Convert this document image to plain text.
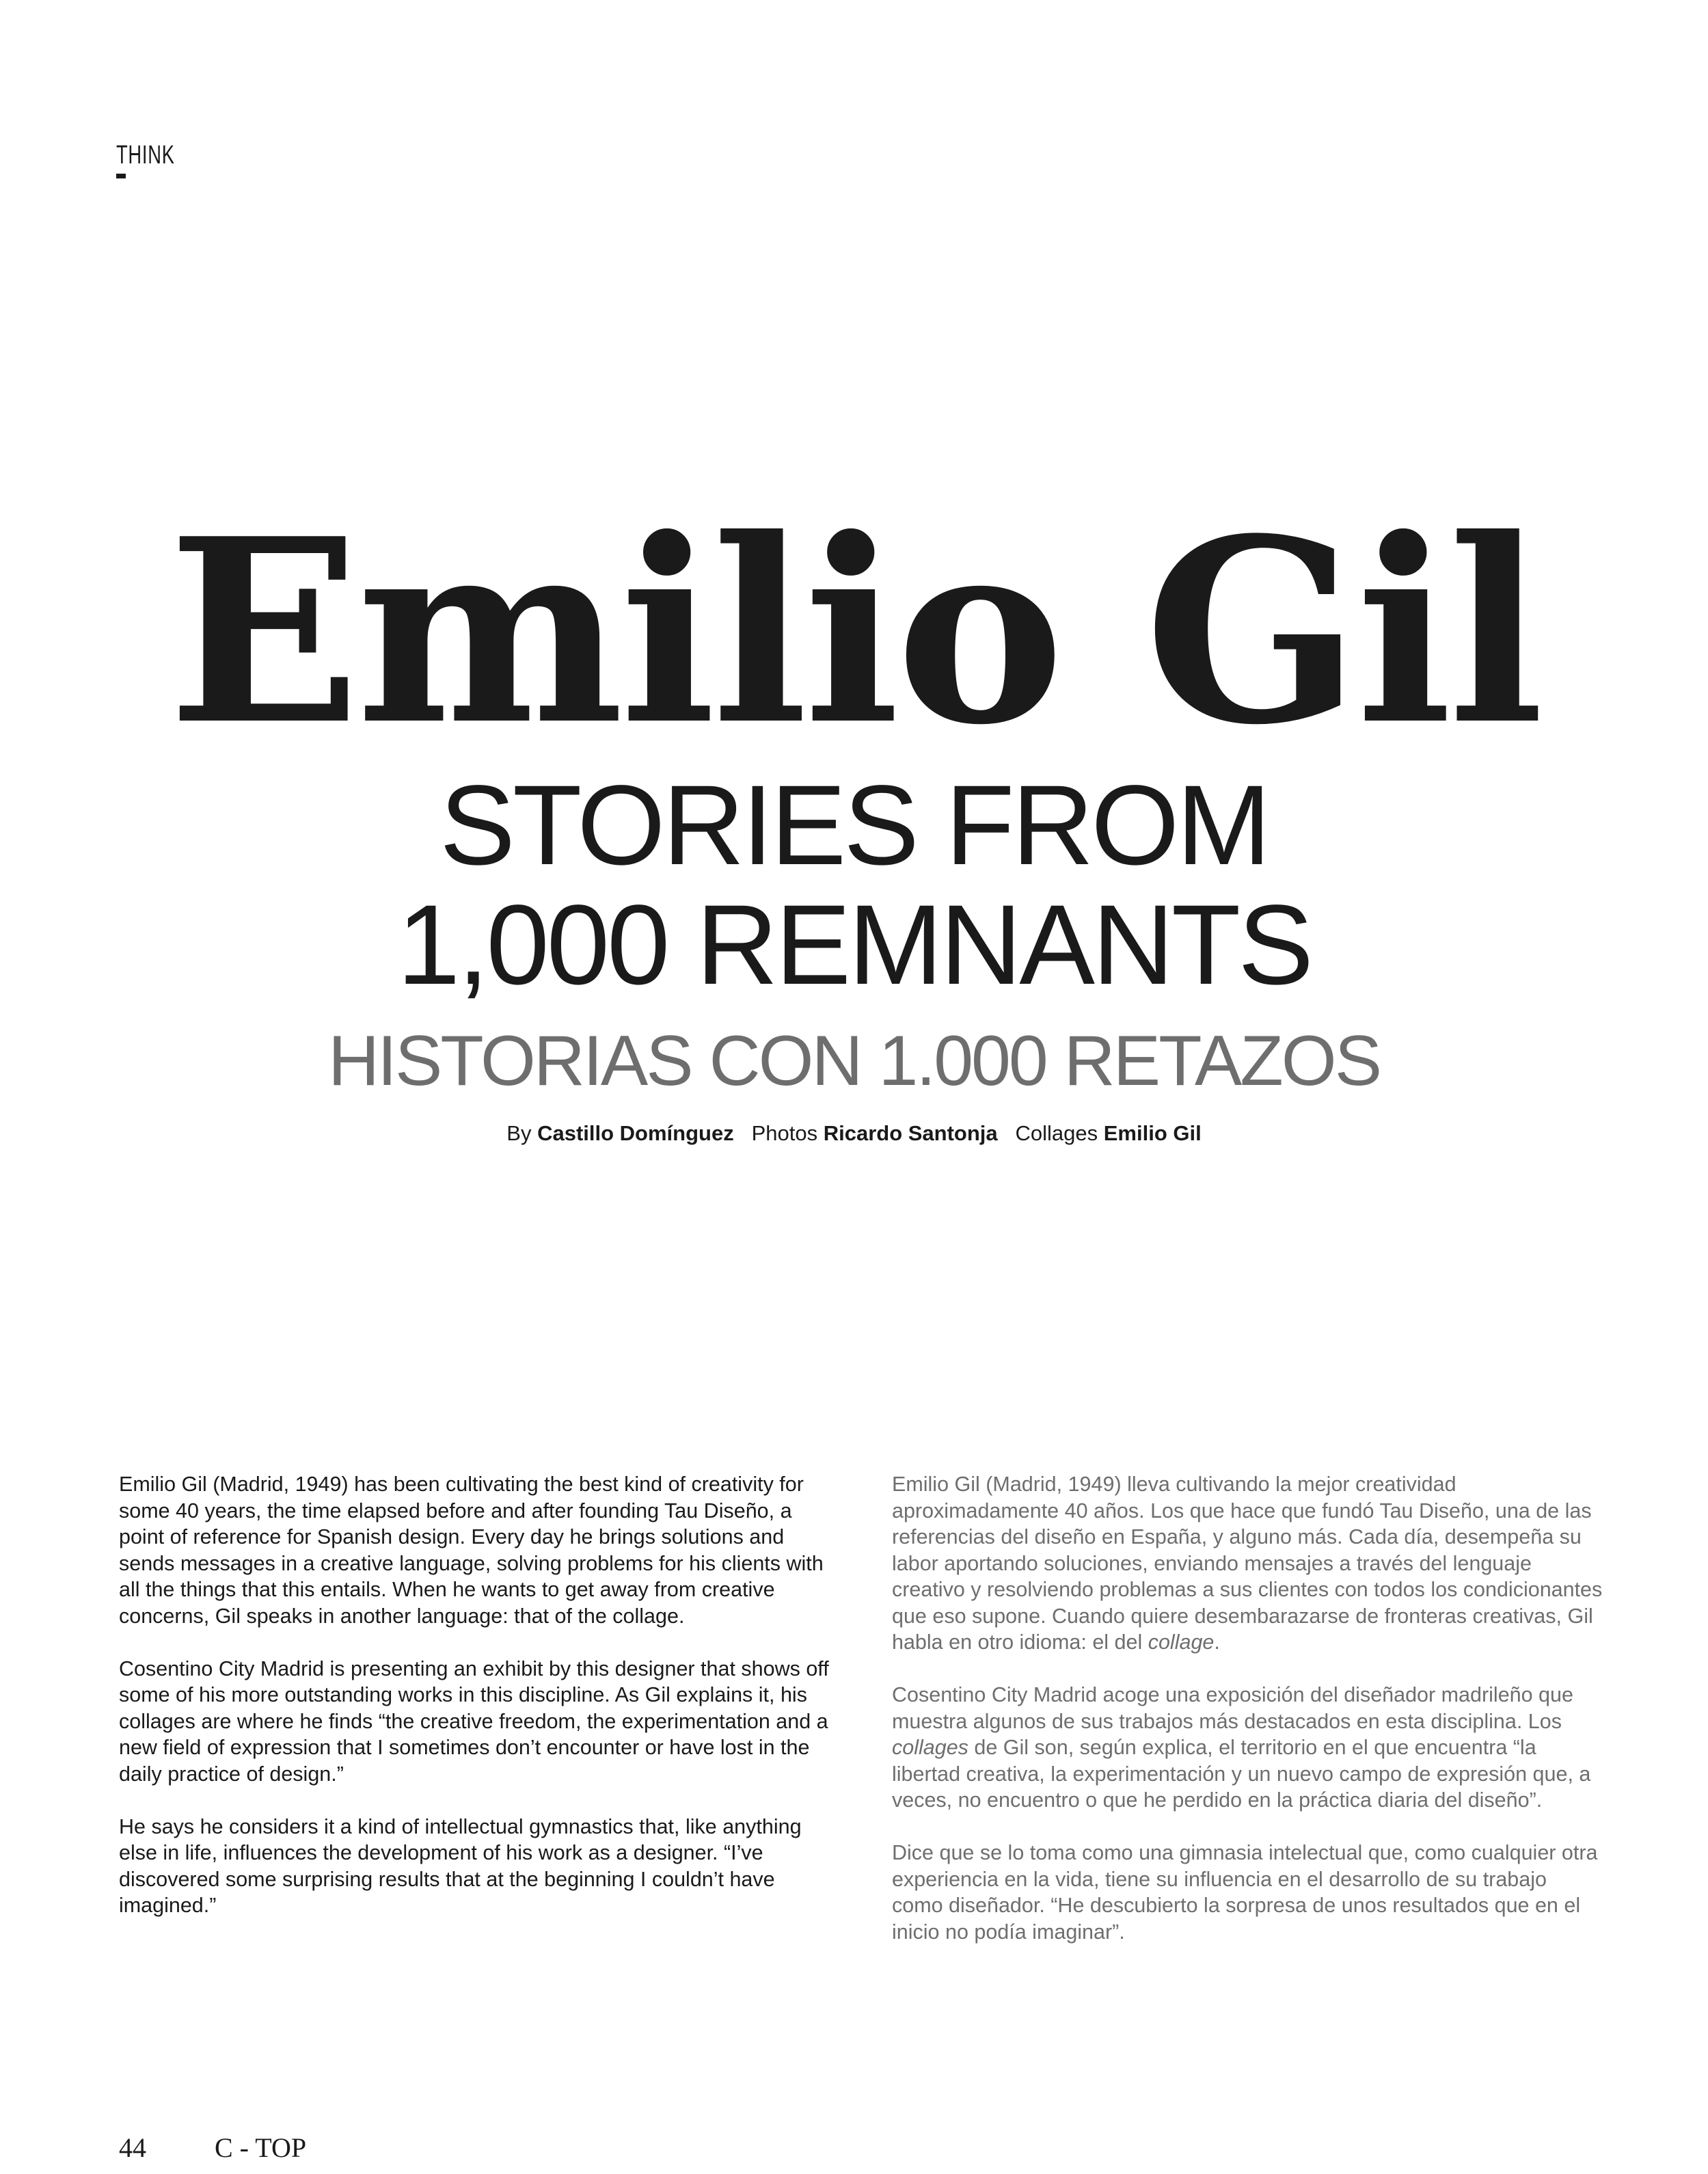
THINK
Emilio Gil
STORIES FROM
1,000 REMNANTS
HISTORIAS CON 1.000 RETAZOS
By Castillo Domínguez Photos Ricardo Santonja Collages Emilio Gil

Emilio Gil (Madrid, 1949) has been cultivating the best kind of creativity for some 40 years, the time elapsed before and after founding Tau Diseño, a point of reference for Spanish design. Every day he brings solutions and sends messages in a creative language, solving problems for his clients with all the things that this entails. When he wants to get away from creative concerns, Gil speaks in another language: that of the collage.

Cosentino City Madrid is presenting an exhibit by this designer that shows off some of his more outstanding works in this discipline. As Gil explains it, his collages are where he finds “the creative freedom, the experimentation and a new field of expression that I sometimes don’t encounter or have lost in the daily practice of design.”

He says he considers it a kind of intellectual gymnastics that, like anything else in life, influences the development of his work as a designer. “I’ve discovered some surprising results that at the beginning I couldn’t have imagined.”

Emilio Gil (Madrid, 1949) lleva cultivando la mejor creatividad aproximadamente 40 años. Los que hace que fundó Tau Diseño, una de las referencias del diseño en España, y alguno más. Cada día, desempeña su labor aportando soluciones, enviando mensajes a través del lenguaje creativo y resolviendo problemas a sus clientes con todos los condicionantes que eso supone. Cuando quiere desembarazarse de fronteras creativas, Gil habla en otro idioma: el del collage.

Cosentino City Madrid acoge una exposición del diseñador madrileño que muestra algunos de sus trabajos más destacados en esta disciplina. Los collages de Gil son, según explica, el territorio en el que encuentra “la libertad creativa, la experimentación y un nuevo campo de expresión que, a veces, no encuentro o que he perdido en la práctica diaria del diseño”.

Dice que se lo toma como una gimnasia intelectual que, como cualquier otra experiencia en la vida, tiene su influencia en el desarrollo de su trabajo como diseñador. “He descubierto la sorpresa de unos resultados que en el inicio no podía imaginar”.

44	C - TOP
